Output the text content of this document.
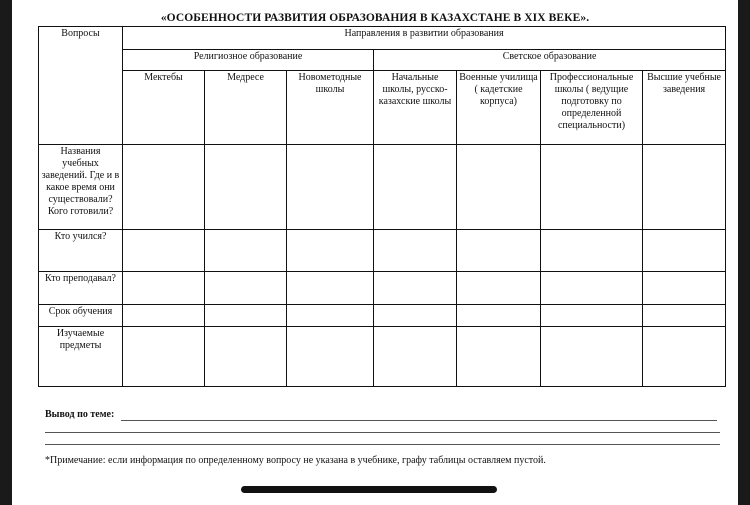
«ОСОБЕННОСТИ РАЗВИТИЯ ОБРАЗОВАНИЯ В КАЗАХСТАНЕ В XIX ВЕКЕ».
Вопросы	Направления в развитии образования						
	Религиозное образование			Светское образование			
	Мектебы	Медресе	Новометодные школы	Начальные школы, русско-казахские школы	Военные училища ( кадетские корпуса)	Профессиональные школы ( ведущие подготовку по определенной специальности)	Высшие учебные заведения
Названия учебных заведений. Где и в какое время они существовали? Кого готовили?							
Кто учился?							
Кто преподавал?							
Срок обучения							
Изучаемые предметы							
Вывод по теме:
*Примечание: если информация по определенному вопросу не указана в учебнике, графу таблицы оставляем пустой.
